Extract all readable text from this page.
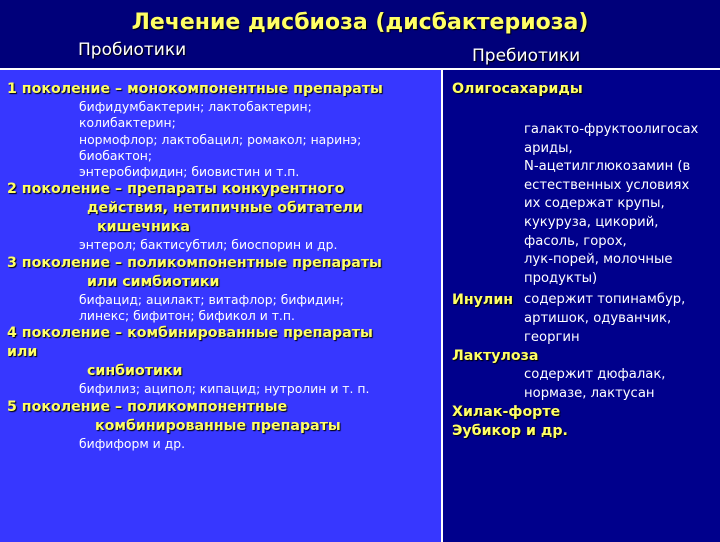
Лечение дисбиоза (дисбактериоза)
Пробиотики	Пребиотики
1 поколение – монокомпонентные препараты
бифидумбактерин; лактобактерин;
колибактерин;
нормофлор; лактобацил; ромакол; наринэ;
биобактон;
энтеробифидин; биовистин и т.п.
2 поколение – препараты конкурентного
действия, нетипичные обитатели
кишечника
энтерол; бактисубтил; биоспорин и др.
3 поколение – поликомпонентные препараты
или симбиотики
бифацид; ацилакт; витафлор; бифидин;
линекс; бифитон; бификол и т.п.
4 поколение – комбинированные препараты
или
синбиотики
бифилиз; аципол; кипацид; нутролин и т. п.
5 поколение – поликомпонентные
комбинированные препараты
бифиформ и др.
Олигосахариды
галакто-фруктоолигосах
ариды,
N-ацетилглюкозамин (в
естественных условиях
их содержат крупы,
кукуруза, цикорий,
фасоль, горох,
лук-порей, молочные
продукты)
Инулин содержит топинамбур,
артишок, одуванчик,
георгин
Лактулоза
содержит дюфалак,
нормазе, лактусан
Хилак-форте
Эубикор и др.
